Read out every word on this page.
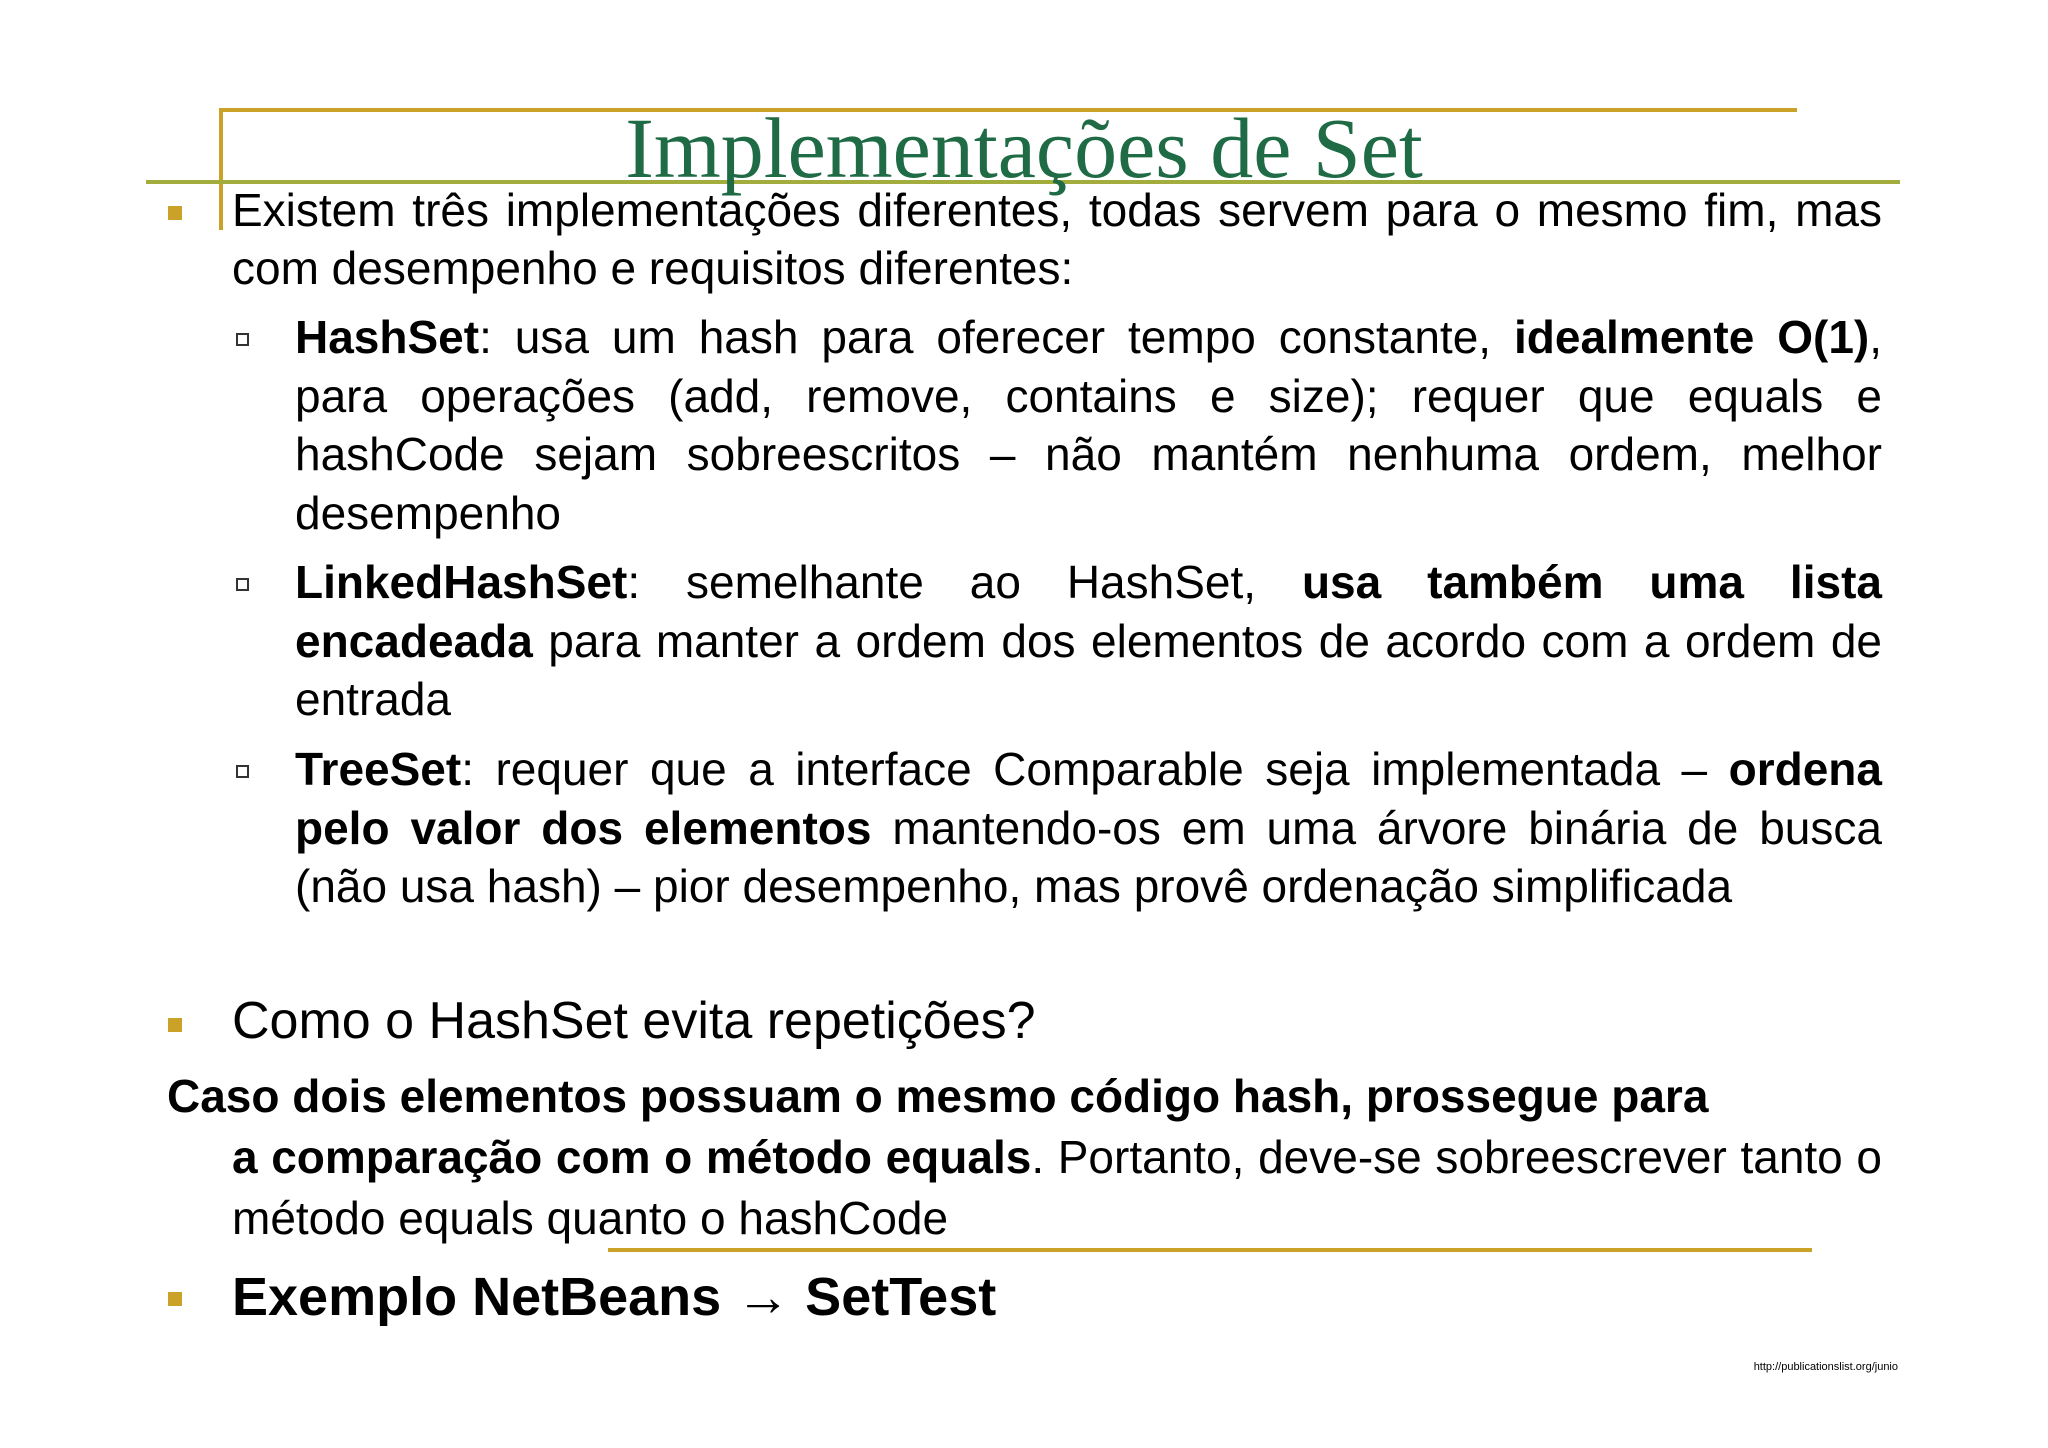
Implementações de Set

Existem três implementações diferentes, todas servem para o mesmo fim, mas com desempenho e requisitos diferentes:

HashSet: usa um hash para oferecer tempo constante, idealmente O(1), para operações (add, remove, contains e size); requer que equals e hashCode sejam sobreescritos – não mantém nenhuma ordem, melhor desempenho

LinkedHashSet: semelhante ao HashSet, usa também uma lista encadeada para manter a ordem dos elementos de acordo com a ordem de entrada

TreeSet: requer que a interface Comparable seja implementada – ordena pelo valor dos elementos mantendo-os em uma árvore binária de busca (não usa hash) – pior desempenho, mas provê ordenação simplificada

Como o HashSet evita repetições?

Caso dois elementos possuam o mesmo código hash, prossegue para
a comparação com o método equals. Portanto, deve-se sobreescrever tanto o método equals quanto o hashCode

Exemplo NetBeans → SetTest

http://publicationslist.org/junio
